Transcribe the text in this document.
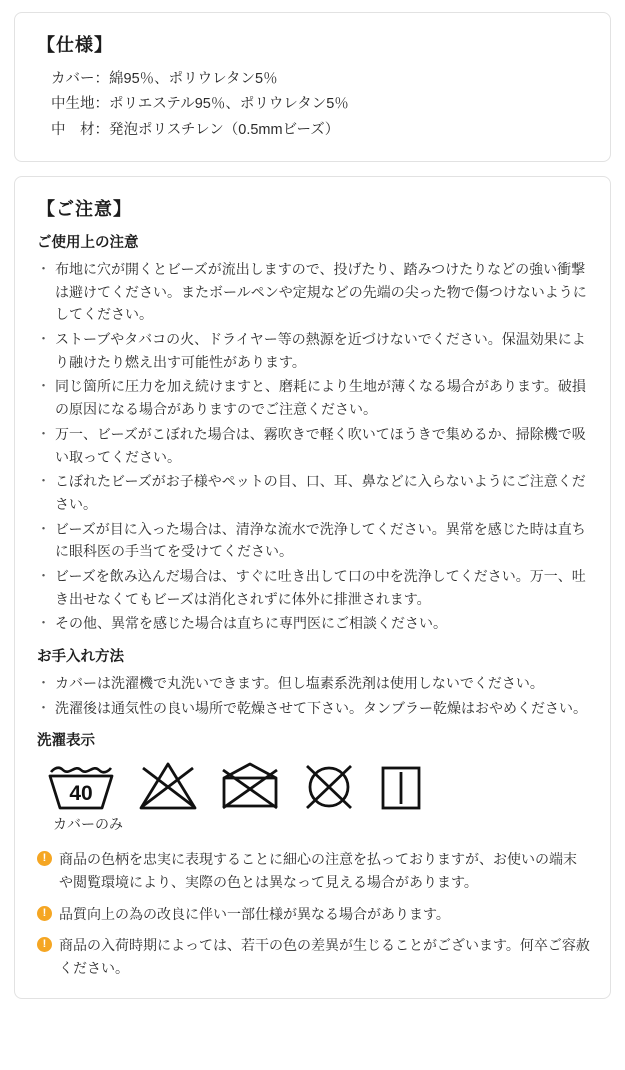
【仕様】
カバー：綿95％、ポリウレタン5％
中生地：ポリエステル95％、ポリウレタン5％
中　材：発泡ポリスチレン（0.5mmビーズ）
【ご注意】
ご使用上の注意
・ 布地に穴が開くとビーズが流出しますので、投げたり、踏みつけたりなどの強い衝撃は避けてください。またボールペンや定規などの先端の尖った物で傷つけないようにしてください。
・ ストーブやタバコの火、ドライヤー等の熱源を近づけないでください。保温効果により融けたり燃え出す可能性があります。
・ 同じ箇所に圧力を加え続けますと、磨耗により生地が薄くなる場合があります。破損の原因になる場合がありますのでご注意ください。
・ 万一、ビーズがこぼれた場合は、霧吹きで軽く吹いてほうきで集めるか、掃除機で吸い取ってください。
・ こぼれたビーズがお子様やペットの目、口、耳、鼻などに入らないようにご注意ください。
・ ビーズが目に入った場合は、清浄な流水で洗浄してください。異常を感じた時は直ちに眼科医の手当てを受けてください。
・ ビーズを飲み込んだ場合は、すぐに吐き出して口の中を洗浄してください。万一、吐き出せなくてもビーズは消化されずに体外に排泄されます。
・ その他、異常を感じた場合は直ちに専門医にご相談ください。
お手入れ方法
・ カバーは洗濯機で丸洗いできます。但し塩素系洗剤は使用しないでください。
・ 洗濯後は通気性の良い場所で乾燥させて下さい。タンブラー乾燥はおやめください。
洗濯表示
40
カバーのみ
! 商品の色柄を忠実に表現することに細心の注意を払っておりますが、お使いの端末や閲覧環境により、実際の色とは異なって見える場合があります。
! 品質向上の為の改良に伴い一部仕様が異なる場合があります。
! 商品の入荷時期によっては、若干の色の差異が生じることがございます。何卒ご容赦ください。
